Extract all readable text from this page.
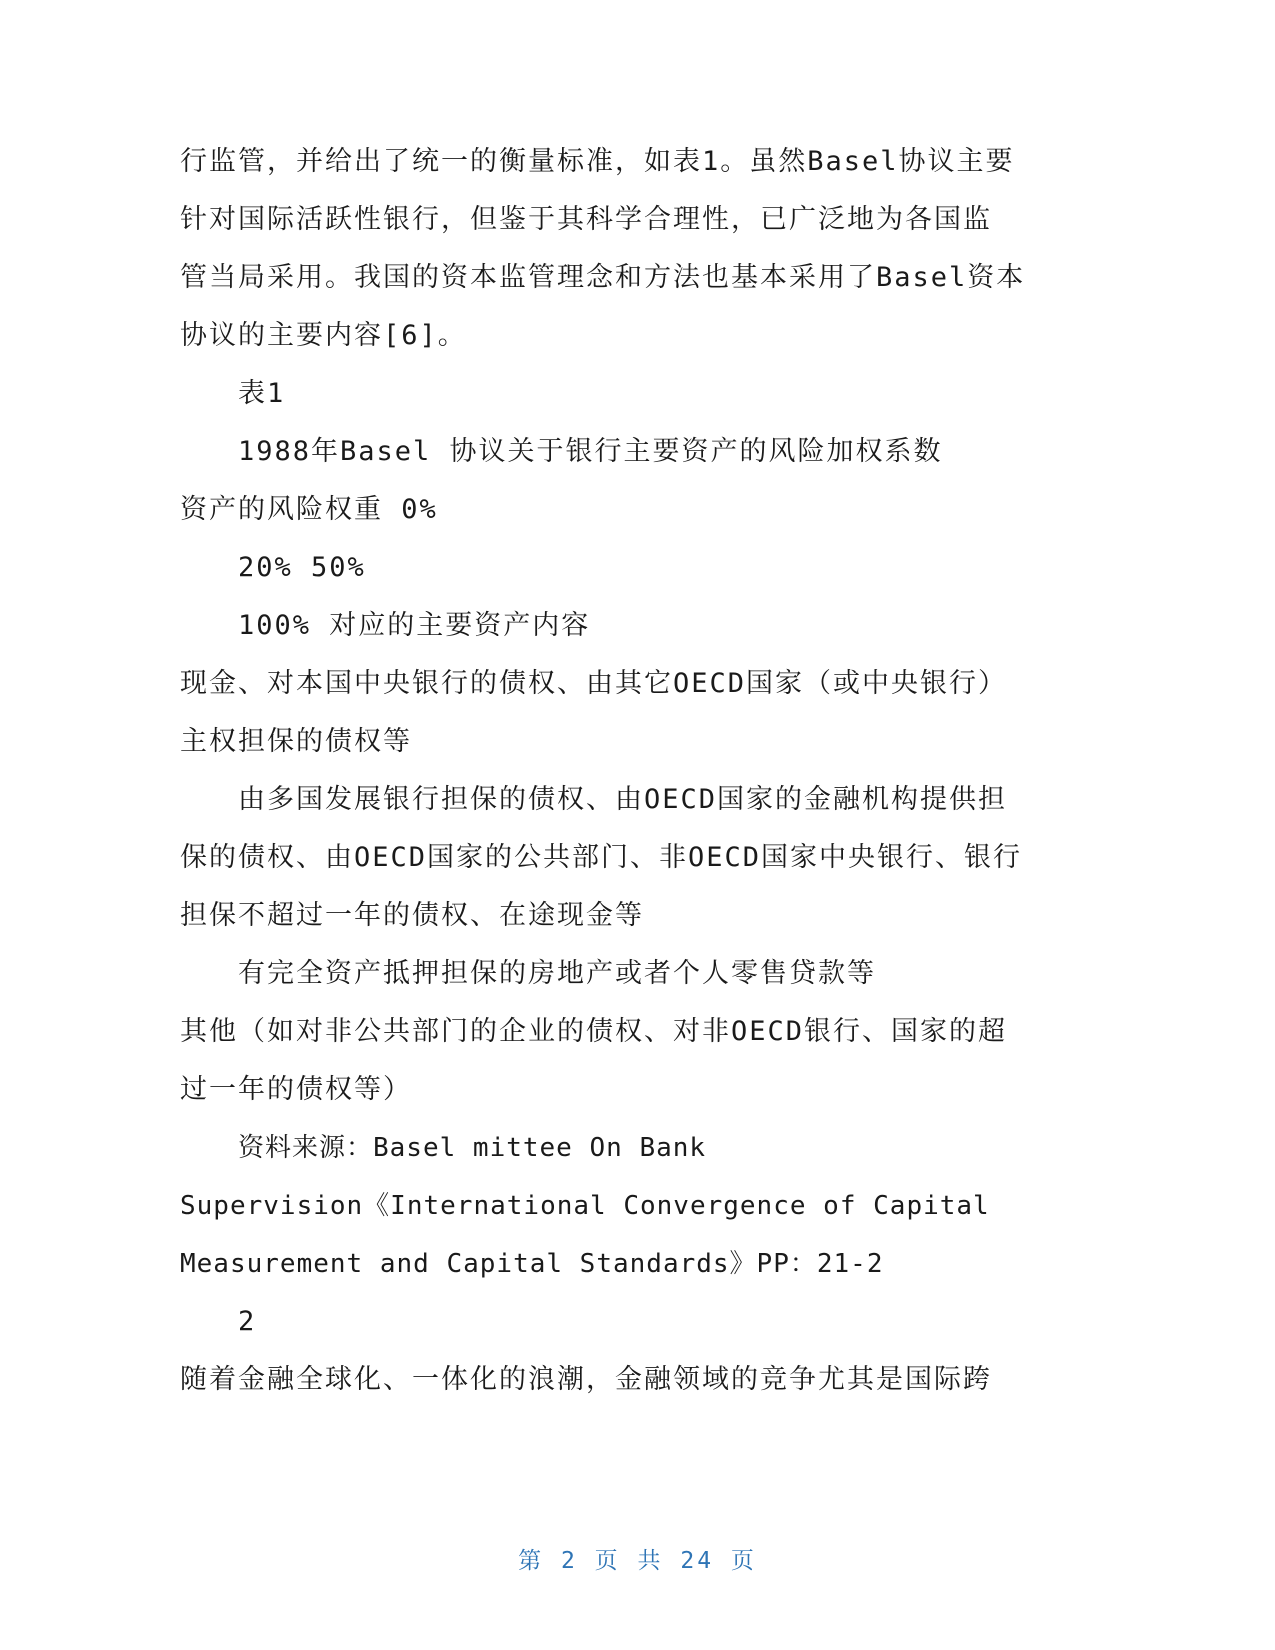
行监管，并给出了统一的衡量标准，如表1。虽然Basel协议主要
针对国际活跃性银行，但鉴于其科学合理性，已广泛地为各国监
管当局采用。我国的资本监管理念和方法也基本采用了Basel资本
协议的主要内容[6]。
表1
1988年Basel 协议关于银行主要资产的风险加权系数
资产的风险权重 0%
20% 50%
100% 对应的主要资产内容
现金、对本国中央银行的债权、由其它OECD国家（或中央银行）
主权担保的债权等
由多国发展银行担保的债权、由OECD国家的金融机构提供担
保的债权、由OECD国家的公共部门、非OECD国家中央银行、银行
担保不超过一年的债权、在途现金等
有完全资产抵押担保的房地产或者个人零售贷款等
其他（如对非公共部门的企业的债权、对非OECD银行、国家的超
过一年的债权等）
资料来源：Basel mittee On Bank
Supervision《International Convergence of Capital
Measurement and Capital Standards》PP：21-2
2
随着金融全球化、一体化的浪潮，金融领域的竞争尤其是国际跨
第 2 页 共 24 页
